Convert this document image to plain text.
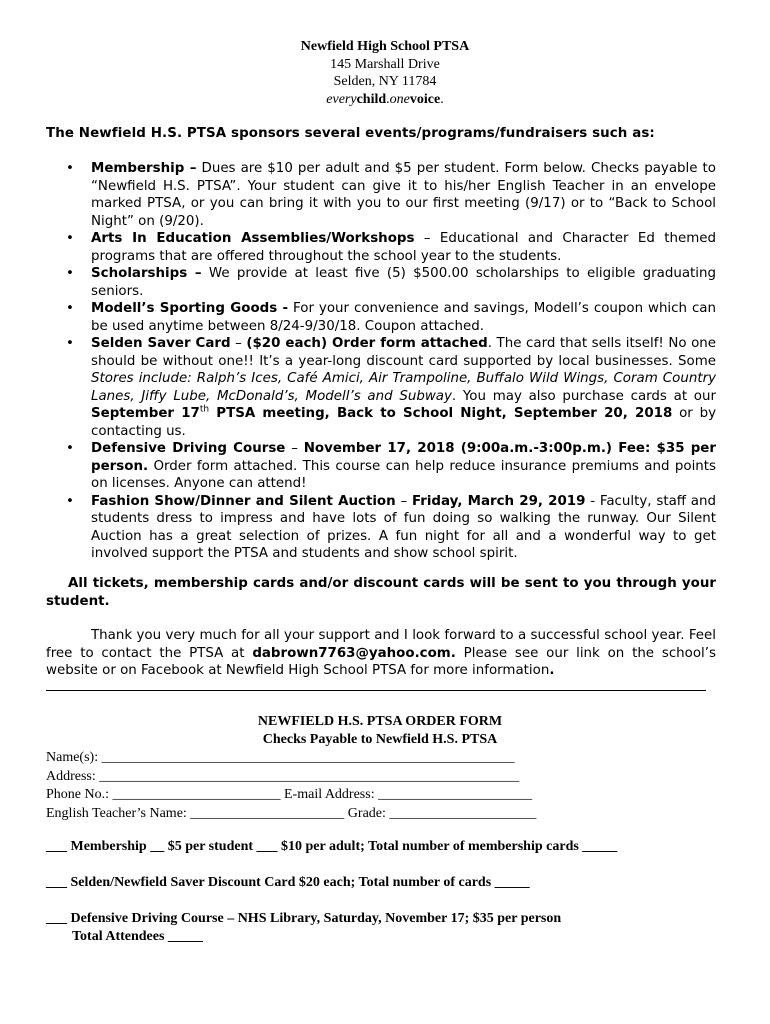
Newfield High School PTSA
145 Marshall Drive
Selden, NY 11784
everychild.onevoice.
The Newfield H.S. PTSA sponsors several events/programs/fundraisers such as:
• Membership – Dues are $10 per adult and $5 per student. Form below. Checks payable to “Newfield H.S. PTSA”. Your student can give it to his/her English Teacher in an envelope marked PTSA, or you can bring it with you to our first meeting (9/17) or to “Back to School Night” on (9/20).
• Arts In Education Assemblies/Workshops – Educational and Character Ed themed programs that are offered throughout the school year to the students.
• Scholarships – We provide at least five (5) $500.00 scholarships to eligible graduating seniors.
• Modell’s Sporting Goods - For your convenience and savings, Modell’s coupon which can be used anytime between 8/24-9/30/18. Coupon attached.
• Selden Saver Card – ($20 each) Order form attached. The card that sells itself! No one should be without one!! It’s a year-long discount card supported by local businesses. Some Stores include: Ralph’s Ices, Café Amici, Air Trampoline, Buffalo Wild Wings, Coram Country Lanes, Jiffy Lube, McDonald’s, Modell’s and Subway. You may also purchase cards at our September 17th PTSA meeting, Back to School Night, September 20, 2018 or by contacting us.
• Defensive Driving Course – November 17, 2018 (9:00a.m.-3:00p.m.) Fee: $35 per person. Order form attached. This course can help reduce insurance premiums and points on licenses. Anyone can attend!
• Fashion Show/Dinner and Silent Auction – Friday, March 29, 2019 - Faculty, staff and students dress to impress and have lots of fun doing so walking the runway. Our Silent Auction has a great selection of prizes. A fun night for all and a wonderful way to get involved support the PTSA and students and show school spirit.
All tickets, membership cards and/or discount cards will be sent to you through your student.
Thank you very much for all your support and I look forward to a successful school year. Feel free to contact the PTSA at dabrown7763@yahoo.com. Please see our link on the school’s website or on Facebook at Newfield High School PTSA for more information.
NEWFIELD H.S. PTSA ORDER FORM
Checks Payable to Newfield H.S. PTSA
Name(s): ___________________________________________________________
Address: ____________________________________________________________
Phone No.: ________________________ E-mail Address: ______________________
English Teacher’s Name: ______________________ Grade: _____________________
___ Membership __ $5 per student ___ $10 per adult; Total number of membership cards _____
___ Selden/Newfield Saver Discount Card $20 each; Total number of cards _____
___ Defensive Driving Course – NHS Library, Saturday, November 17; $35 per person
Total Attendees _____
